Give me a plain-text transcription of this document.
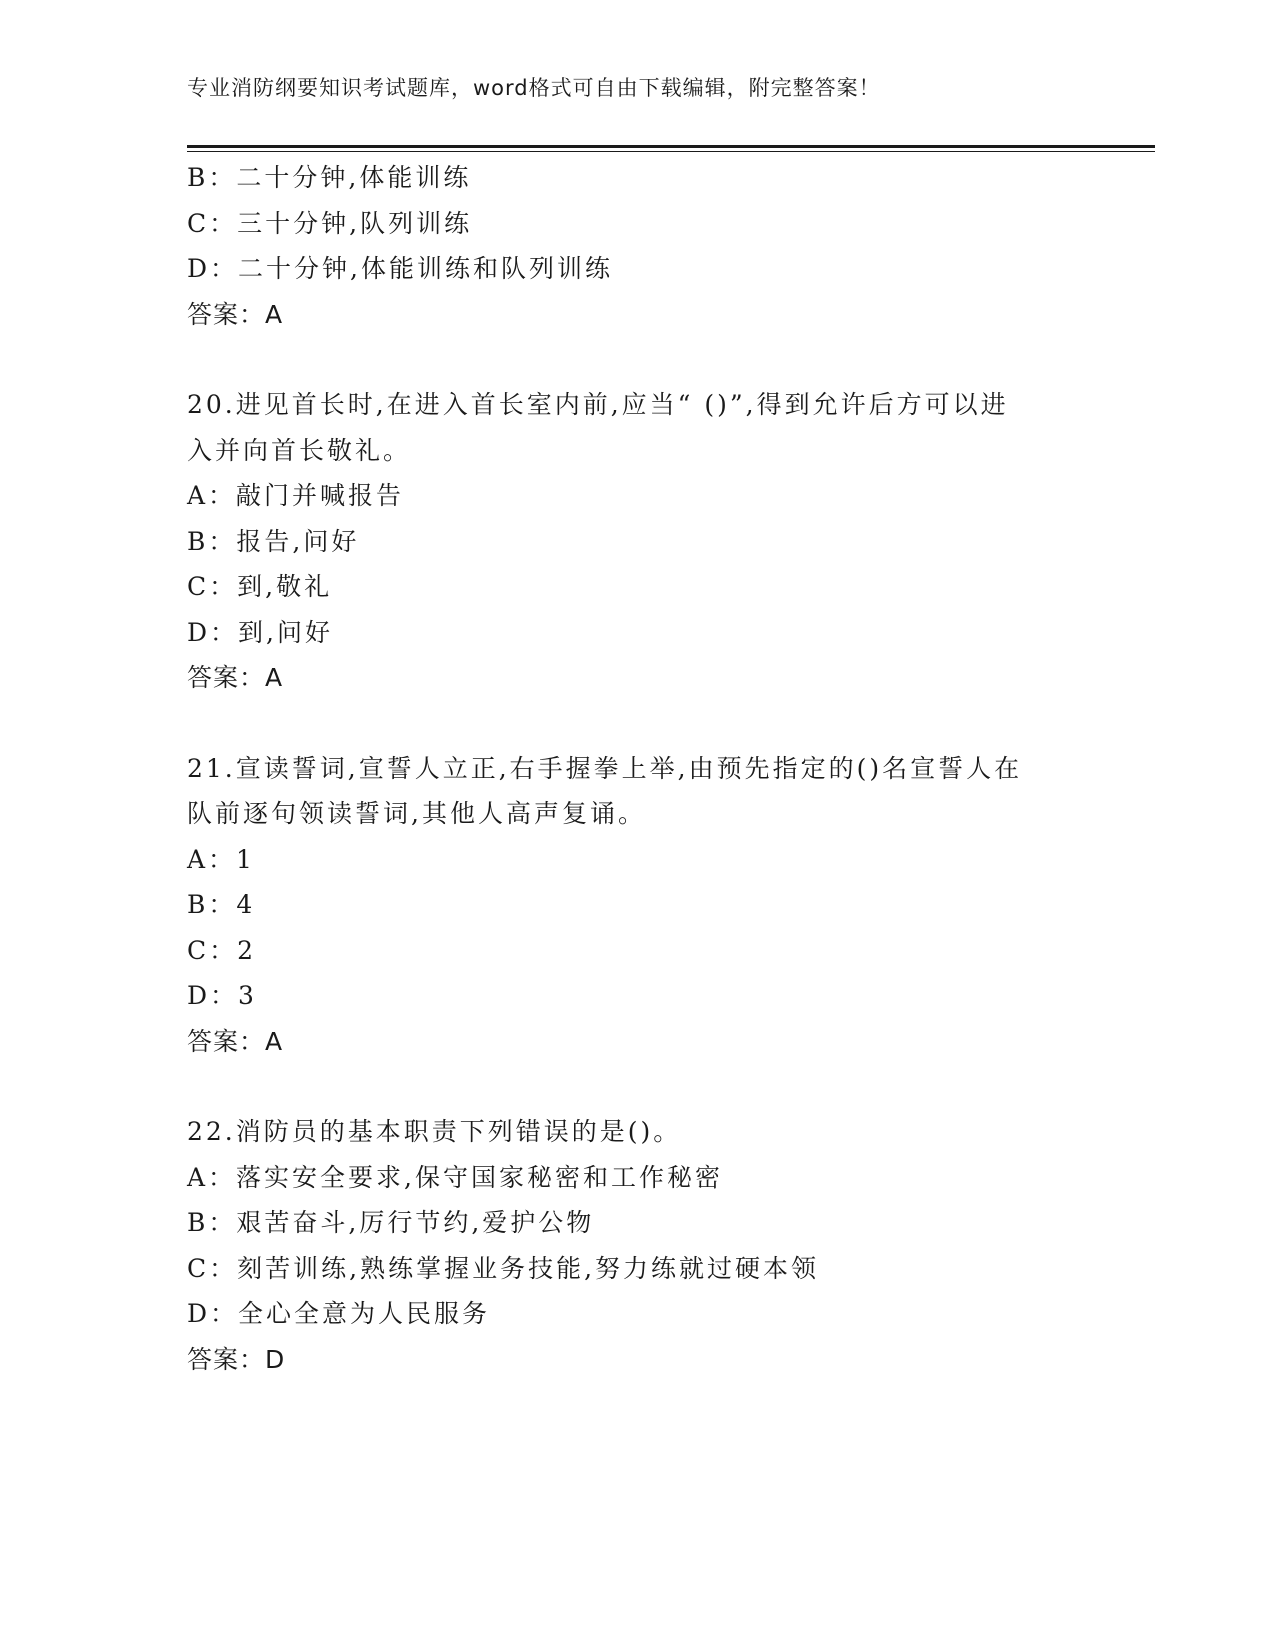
专业消防纲要知识考试题库，word格式可自由下载编辑，附完整答案！
B：二十分钟,体能训练
C：三十分钟,队列训练
D：二十分钟,体能训练和队列训练
答案：A
20.进见首长时,在进入首长室内前,应当“ ()”,得到允许后方可以进
入并向首长敬礼。
A：敲门并喊报告
B：报告,问好
C：到,敬礼
D：到,问好
答案：A
21.宣读誓词,宣誓人立正,右手握拳上举,由预先指定的()名宣誓人在
队前逐句领读誓词,其他人高声复诵。
A：1
B：4
C：2
D：3
答案：A
22.消防员的基本职责下列错误的是()。
A：落实安全要求,保守国家秘密和工作秘密
B：艰苦奋斗,厉行节约,爱护公物
C：刻苦训练,熟练掌握业务技能,努力练就过硬本领
D：全心全意为人民服务
答案：D
